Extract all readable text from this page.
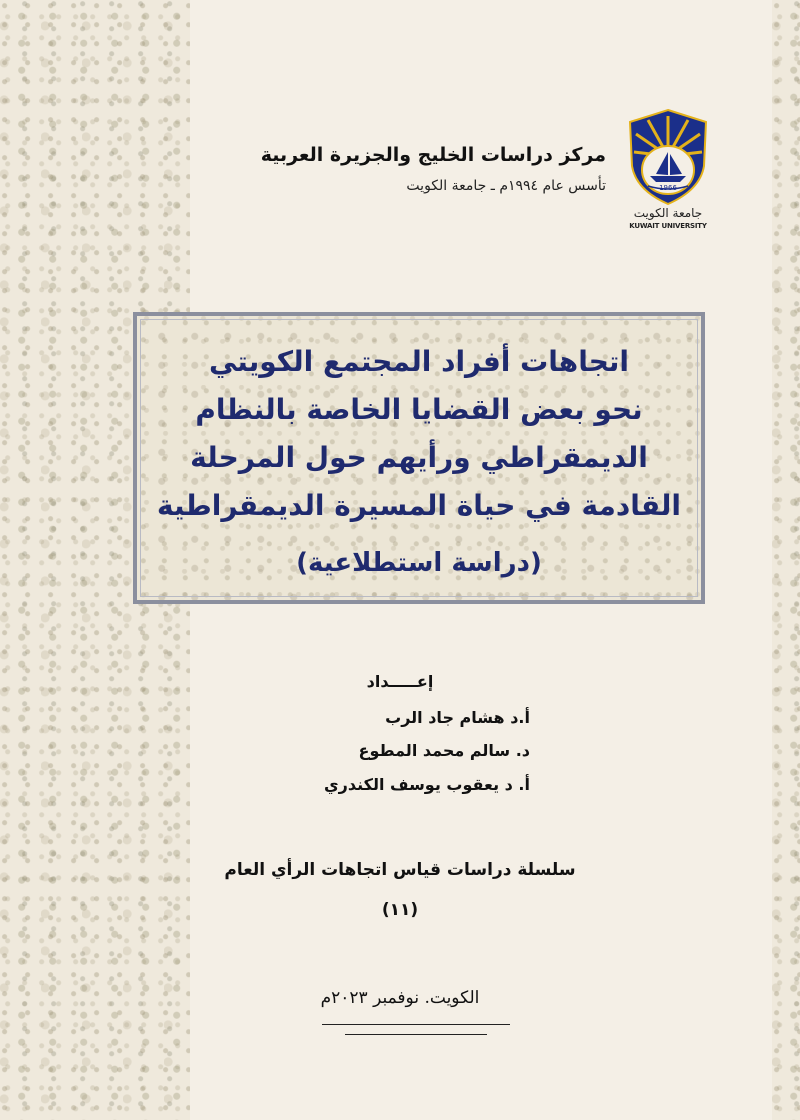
1966
جامعة الكويت
KUWAIT UNIVERSITY
مركز دراسات الخليج والجزيرة العربية
تأسس عام ١٩٩٤م ـ جامعة الكويت
اتجاهات أفراد المجتمع الكويتي
نحو بعض القضايا الخاصة بالنظام
الديمقراطي ورأيهم حول المرحلة
القادمة في حياة المسيرة الديمقراطية
(دراسة استطلاعية)
إعـــــداد
أ.د هشام جاد الرب
د. سالم محمد المطوع
أ. د يعقوب يوسف الكندري
سلسلة دراسات قياس اتجاهات الرأي العام
(١١)
الكويت. نوفمبر ٢٠٢٣م
